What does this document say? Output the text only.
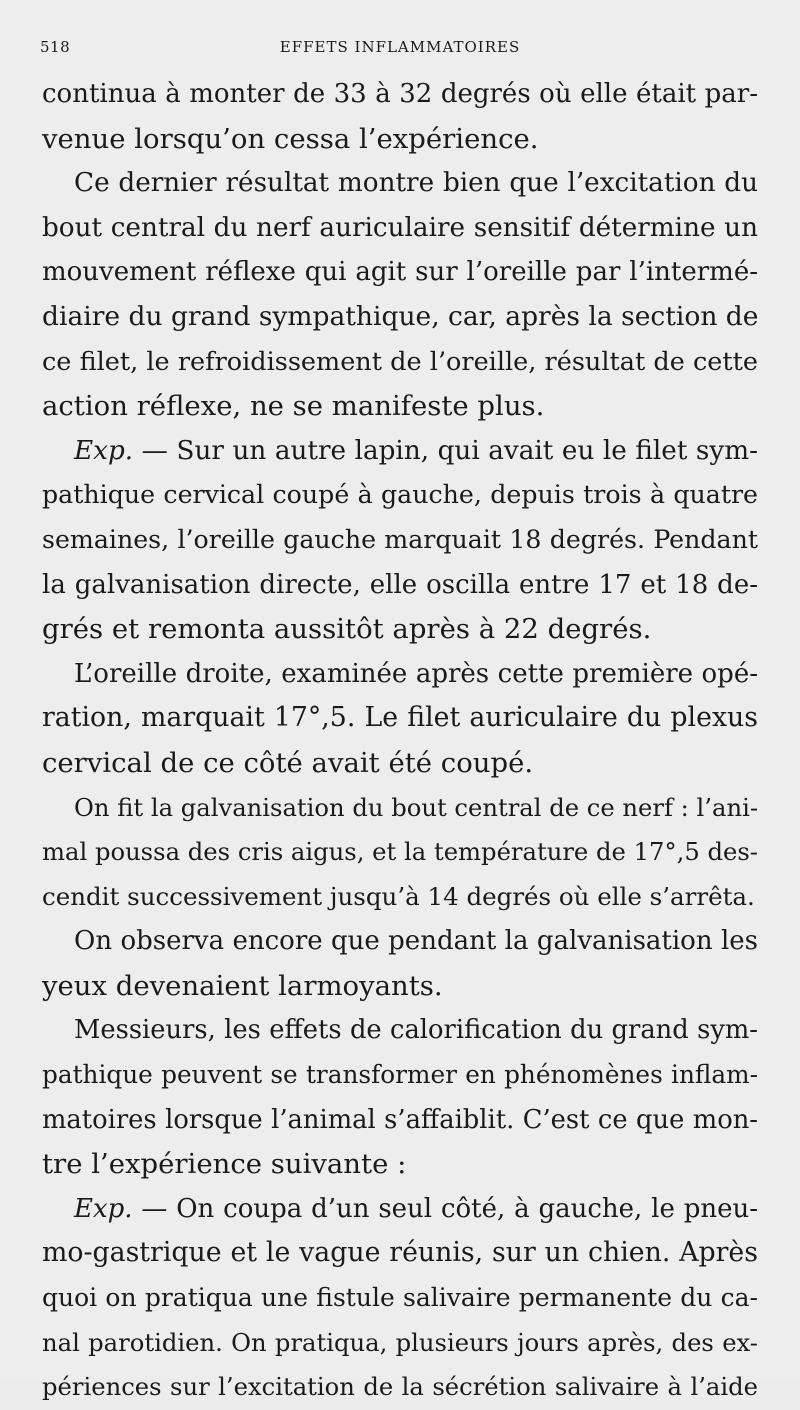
518	EFFETS INFLAMMATOIRES
continua à monter de 33 à 32 degrés où elle était par-
venue lorsqu’on cessa l’expérience.
Ce dernier résultat montre bien que l’excitation du
bout central du nerf auriculaire sensitif détermine un
mouvement réflexe qui agit sur l’oreille par l’intermé-
diaire du grand sympathique, car, après la section de
ce filet, le refroidissement de l’oreille, résultat de cette
action réflexe, ne se manifeste plus.
Exp. — Sur un autre lapin, qui avait eu le filet sym-
pathique cervical coupé à gauche, depuis trois à quatre
semaines, l’oreille gauche marquait 18 degrés. Pendant
la galvanisation directe, elle oscilla entre 17 et 18 de-
grés et remonta aussitôt après à 22 degrés.
L’oreille droite, examinée après cette première opé-
ration, marquait 17°,5. Le filet auriculaire du plexus
cervical de ce côté avait été coupé.
On fit la galvanisation du bout central de ce nerf : l’ani-
mal poussa des cris aigus, et la température de 17°,5 des-
cendit successivement jusqu’à 14 degrés où elle s’arrêta.
On observa encore que pendant la galvanisation les
yeux devenaient larmoyants.
Messieurs, les effets de calorification du grand sym-
pathique peuvent se transformer en phénomènes inflam-
matoires lorsque l’animal s’affaiblit. C’est ce que mon-
tre l’expérience suivante :
Exp. — On coupa d’un seul côté, à gauche, le pneu-
mo-gastrique et le vague réunis, sur un chien. Après
quoi on pratiqua une fistule salivaire permanente du ca-
nal parotidien. On pratiqua, plusieurs jours après, des ex-
périences sur l’excitation de la sécrétion salivaire à l’aide
